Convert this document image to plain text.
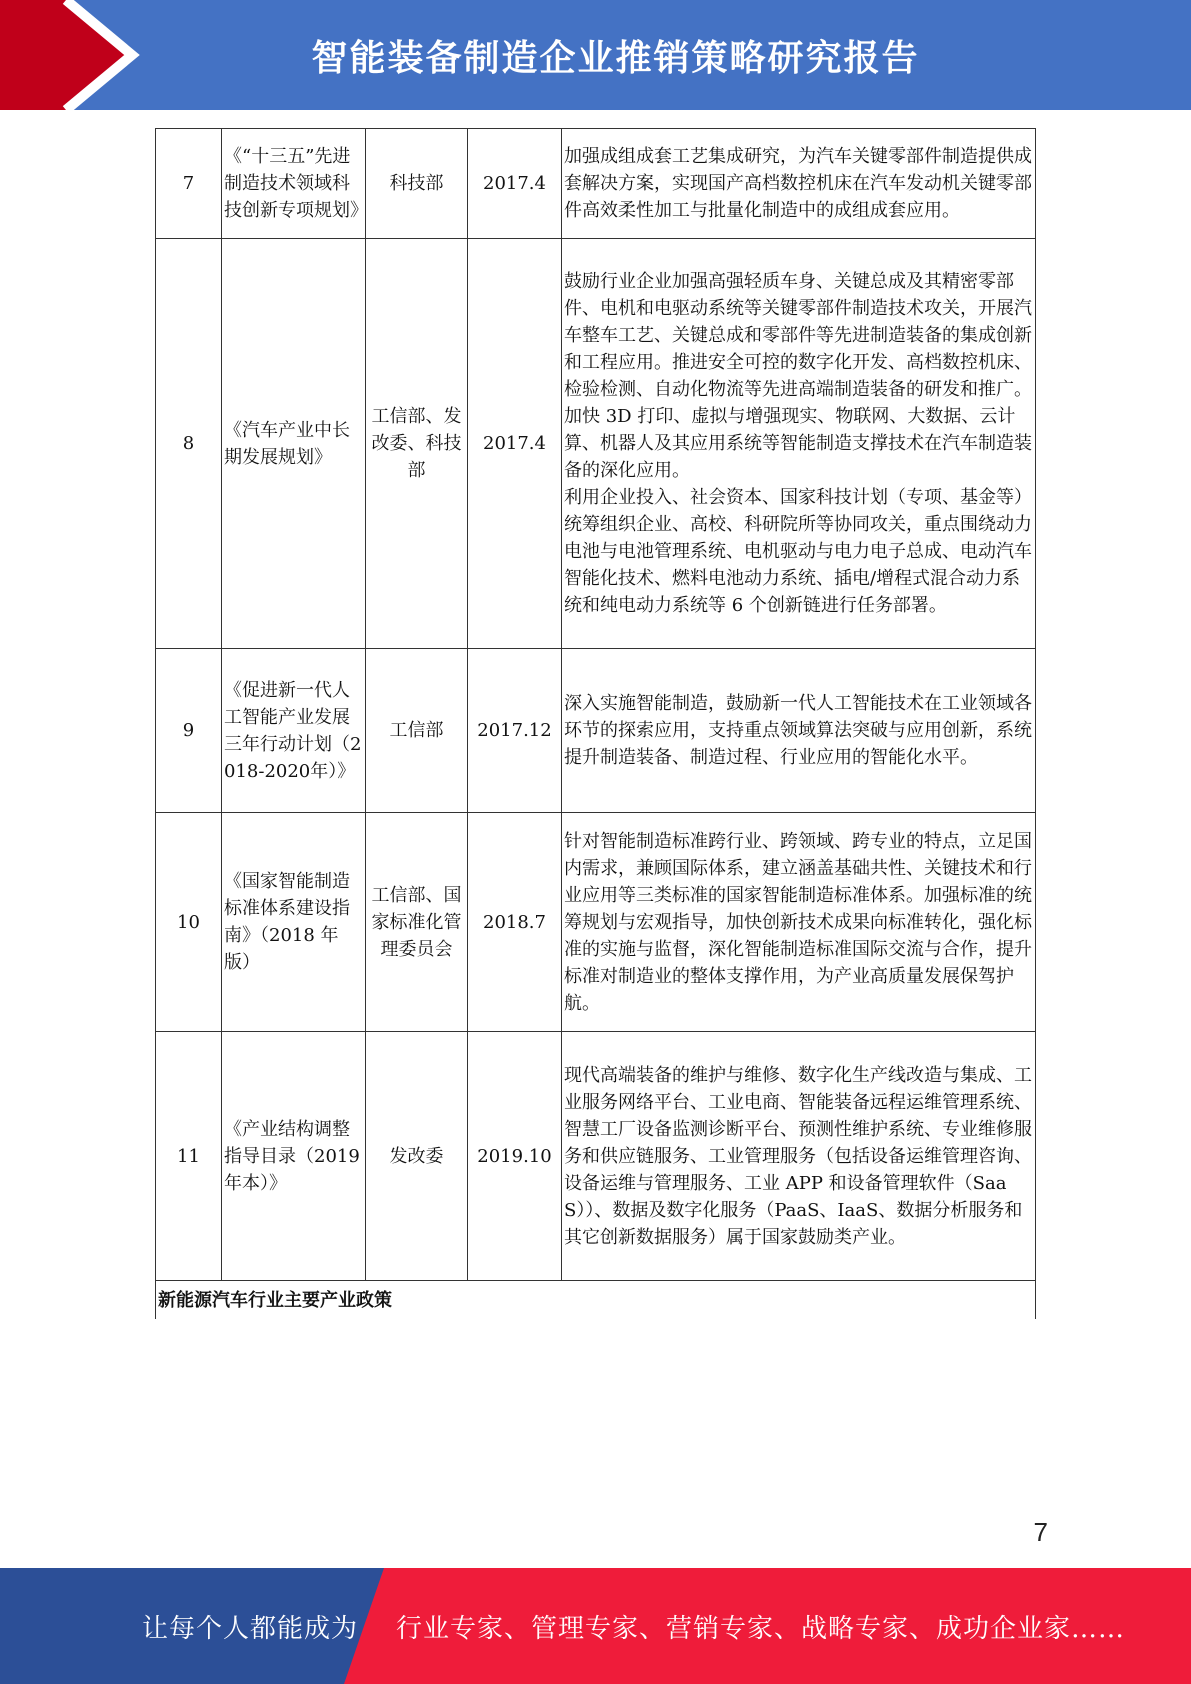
智能装备制造企业推销策略研究报告
7	《“十三五”先进制造技术领域科技创新专项规划》	科技部	2017.4	加强成组成套工艺集成研究，为汽车关键零部件制造提供成套解决方案，实现国产高档数控机床在汽车发动机关键零部件高效柔性加工与批量化制造中的成组成套应用。
8	《汽车产业中长期发展规划》	工信部、发改委、科技部	2017.4	鼓励行业企业加强高强轻质车身、关键总成及其精密零部件、电机和电驱动系统等关键零部件制造技术攻关，开展汽车整车工艺、关键总成和零部件等先进制造装备的集成创新和工程应用。推进安全可控的数字化开发、高档数控机床、检验检测、自动化物流等先进高端制造装备的研发和推广。加快 3D 打印、虚拟与增强现实、物联网、大数据、云计算、机器人及其应用系统等智能制造支撑技术在汽车制造装备的深化应用。
利用企业投入、社会资本、国家科技计划（专项、基金等）统筹组织企业、高校、科研院所等协同攻关，重点围绕动力电池与电池管理系统、电机驱动与电力电子总成、电动汽车智能化技术、燃料电池动力系统、插电/增程式混合动力系统和纯电动力系统等 6 个创新链进行任务部署。

9	《促进新一代人工智能产业发展三年行动计划（2018-2020年）》	工信部	2017.12	深入实施智能制造，鼓励新一代人工智能技术在工业领域各环节的探索应用，支持重点领域算法突破与应用创新，系统提升制造装备、制造过程、行业应用的智能化水平。
10	《国家智能制造标准体系建设指南》（2018 年版）	工信部、国家标准化管理委员会	2018.7	针对智能制造标准跨行业、跨领域、跨专业的特点，立足国内需求，兼顾国际体系，建立涵盖基础共性、关键技术和行业应用等三类标准的国家智能制造标准体系。加强标准的统筹规划与宏观指导，加快创新技术成果向标准转化，强化标准的实施与监督，深化智能制造标准国际交流与合作，提升标准对制造业的整体支撑作用，为产业高质量发展保驾护航。
11	《产业结构调整指导目录（2019 年本）》	发改委	2019.10	现代高端装备的维护与维修、数字化生产线改造与集成、工业服务网络平台、工业电商、智能装备远程运维管理系统、智慧工厂设备监测诊断平台、预测性维护系统、专业维修服务和供应链服务、工业管理服务（包括设备运维管理咨询、设备运维与管理服务、工业 APP 和设备管理软件（SaaS））、数据及数字化服务（PaaS、IaaS、数据分析服务和其它创新数据服务）属于国家鼓励类产业。
新能源汽车行业主要产业政策				
7
让每个人都能成为 行业专家、管理专家、营销专家、战略专家、成功企业家……
